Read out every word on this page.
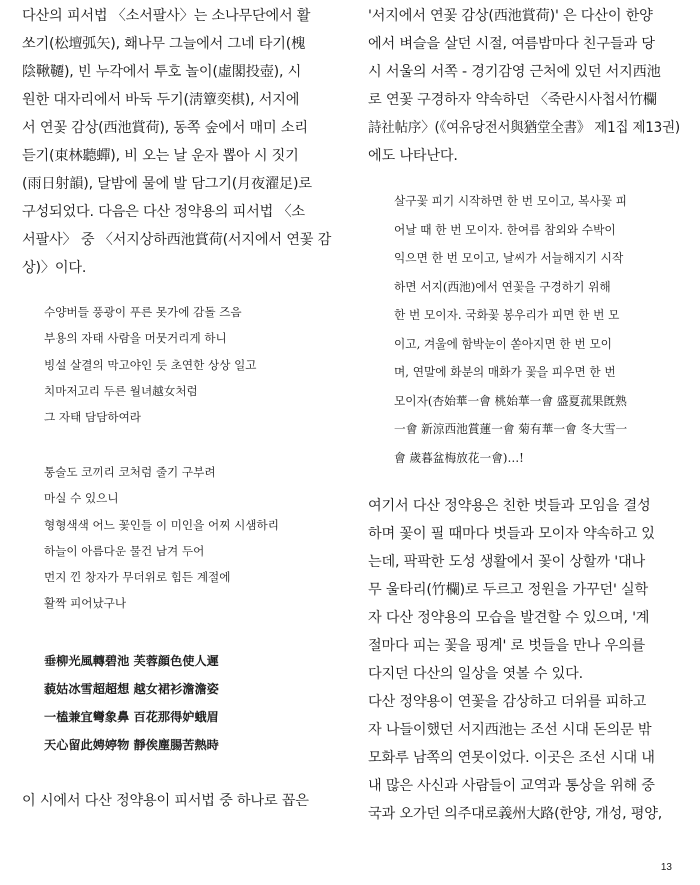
다산의 피서법 〈소서팔사〉는 소나무단에서 활
쏘기(松壇弧矢), 홰나무 그늘에서 그네 타기(槐
陰鞦韆), 빈 누각에서 투호 놀이(虛閣投壺), 시
원한 대자리에서 바둑 두기(淸簟奕棋), 서지에
서 연꽃 감상(西池賞荷), 동쪽 숲에서 매미 소리
듣기(東林聽蟬), 비 오는 날 운자 뽑아 시 짓기
(雨日射韻), 달밤에 물에 발 담그기(月夜濯足)로
구성되었다. 다음은 다산 정약용의 피서법 〈소
서팔사〉 중 〈서지상하西池賞荷(서지에서 연꽃 감
상)〉이다.
수양버들 풍광이 푸른 못가에 감돌 즈음
부용의 자태 사람을 머뭇거리게 하니
빙설 살결의 막고야인 듯 초연한 상상 일고
치마저고리 두른 월녀越女처럼
그 자태 담담하여라
통술도 코끼리 코처럼 줄기 구부려
마실 수 있으니
형형색색 어느 꽃인들 이 미인을 어찌 시샘하리
하늘이 아름다운 물건 남겨 두어
먼지 낀 창자가 무더위로 힘든 계절에
활짝 피어났구나
垂柳光風轉碧池 芙蓉顔色使人遲
藐姑冰雪超超想 越女裙衫澹澹姿
一榼兼宜彎象鼻 百花那得妒蛾眉
天心留此娉婷物 靜俟塵腸苦熱時
이 시에서 다산 정약용이 피서법 중 하나로 꼽은
'서지에서 연꽃 감상(西池賞荷)' 은 다산이 한양
에서 벼슬을 살던 시절, 여름밤마다 친구들과 당
시 서울의 서쪽 - 경기감영 근처에 있던 서지西池
로 연꽃 구경하자 약속하던 〈죽란시사첩서竹欄
詩社帖序〉(《여유당전서與猶堂全書》 제1집 제13권)
에도 나타난다.
살구꽃 피기 시작하면 한 번 모이고, 복사꽃 피
어날 때 한 번 모이자. 한여름 참외와 수박이
익으면 한 번 모이고, 날씨가 서늘해지기 시작
하면 서지(西池)에서 연꽃을 구경하기 위해
한 번 모이자. 국화꽃 봉우리가 피면 한 번 모
이고, 겨울에 함박눈이 쏟아지면 한 번 모이
며, 연말에 화분의 매화가 꽃을 피우면 한 번
모이자(杏始華一會 桃始華一會 盛夏菰果旣熟
一會 新涼西池賞蓮一會 菊有華一會 冬大雪一
會 歲暮盆梅放花一會)…!
여기서 다산 정약용은 친한 벗들과 모임을 결성
하며 꽃이 필 때마다 벗들과 모이자 약속하고 있
는데, 팍팍한 도성 생활에서 꽃이 상할까 '대나
무 울타리(竹欄)로 두르고 정원을 가꾸던' 실학
자 다산 정약용의 모습을 발견할 수 있으며, '계
절마다 피는 꽃을 핑계' 로 벗들을 만나 우의를
다지던 다산의 일상을 엿볼 수 있다.
다산 정약용이 연꽃을 감상하고 더위를 피하고
자 나들이했던 서지西池는 조선 시대 돈의문 밖
모화루 남쪽의 연못이었다. 이곳은 조선 시대 내
내 많은 사신과 사람들이 교역과 통상을 위해 중
국과 오가던 의주대로義州大路(한양, 개성, 평양,
13
